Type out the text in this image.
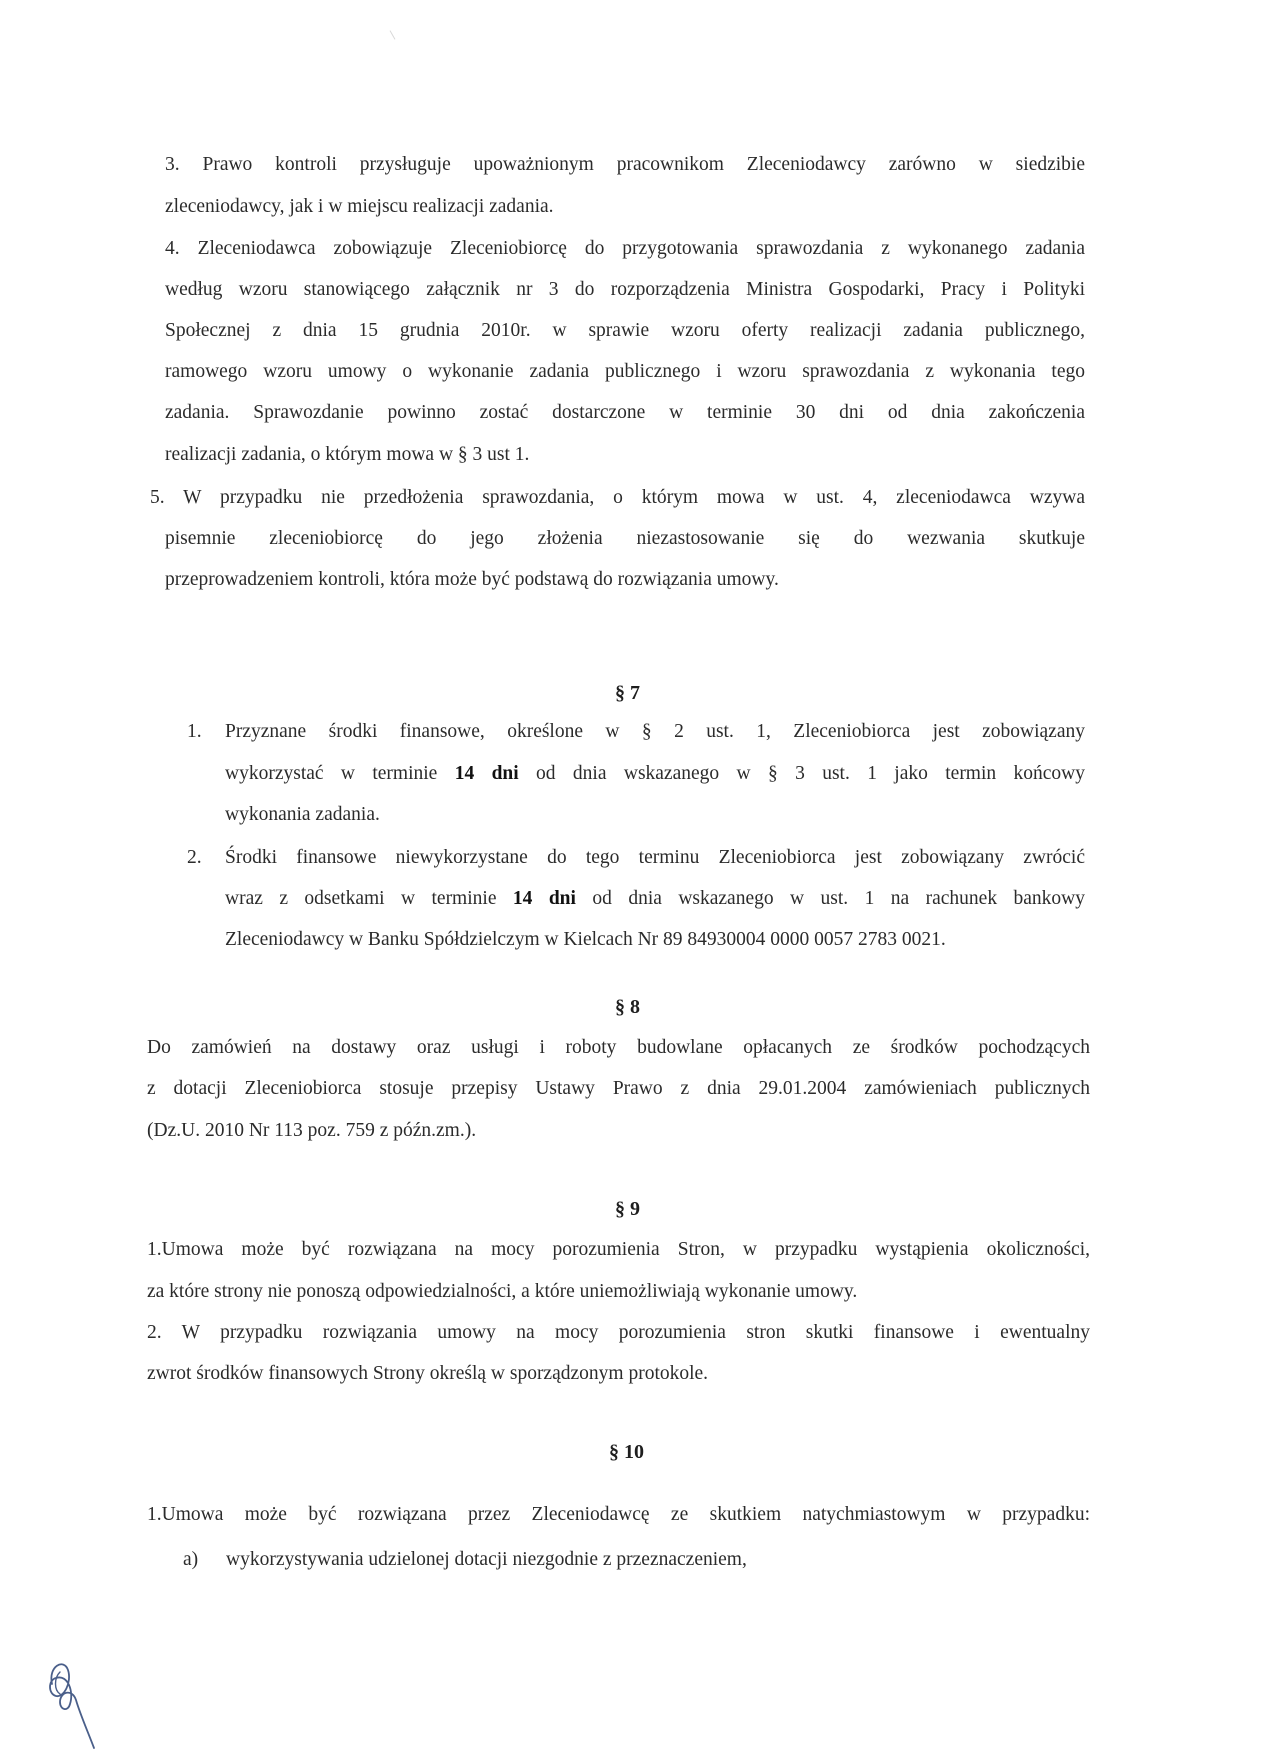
3. Prawo kontroli przysługuje upoważnionym pracownikom Zleceniodawcy zarówno w siedzibie
zleceniodawcy, jak i w miejscu realizacji zadania.
4. Zleceniodawca zobowiązuje Zleceniobiorcę do przygotowania sprawozdania z wykonanego zadania
według wzoru stanowiącego załącznik nr 3 do rozporządzenia Ministra Gospodarki, Pracy i Polityki
Społecznej z dnia 15 grudnia 2010r. w sprawie wzoru oferty realizacji zadania publicznego,
ramowego wzoru umowy o wykonanie zadania publicznego i wzoru sprawozdania z wykonania tego
zadania. Sprawozdanie powinno zostać dostarczone w terminie 30 dni od dnia zakończenia
realizacji zadania, o którym mowa w § 3 ust 1.
5. W przypadku nie przedłożenia sprawozdania, o którym mowa w ust. 4, zleceniodawca wzywa
pisemnie zleceniobiorcę do jego złożenia niezastosowanie się do wezwania skutkuje
przeprowadzeniem kontroli, która może być podstawą do rozwiązania umowy.
§ 7
1. Przyznane środki finansowe, określone w § 2 ust. 1, Zleceniobiorca jest zobowiązany
wykorzystać w terminie 14 dni od dnia wskazanego w § 3 ust. 1 jako termin końcowy
wykonania zadania.
2. Środki finansowe niewykorzystane do tego terminu Zleceniobiorca jest zobowiązany zwrócić
wraz z odsetkami w terminie 14 dni od dnia wskazanego w ust. 1 na rachunek bankowy
Zleceniodawcy w Banku Spółdzielczym w Kielcach Nr 89 84930004 0000 0057 2783 0021.
§ 8
Do zamówień na dostawy oraz usługi i roboty budowlane opłacanych ze środków pochodzących
z dotacji Zleceniobiorca stosuje przepisy Ustawy Prawo z dnia 29.01.2004 zamówieniach publicznych
(Dz.U. 2010 Nr 113 poz. 759 z późn.zm.).
§ 9
1.Umowa może być rozwiązana na mocy porozumienia Stron, w przypadku wystąpienia okoliczności,
za które strony nie ponoszą odpowiedzialności, a które uniemożliwiają wykonanie umowy.
2. W przypadku rozwiązania umowy na mocy porozumienia stron skutki finansowe i ewentualny
zwrot środków finansowych Strony określą w sporządzonym protokole.
§ 10
1.Umowa może być rozwiązana przez Zleceniodawcę ze skutkiem natychmiastowym w przypadku:
a) wykorzystywania udzielonej dotacji niezgodnie z przeznaczeniem,
